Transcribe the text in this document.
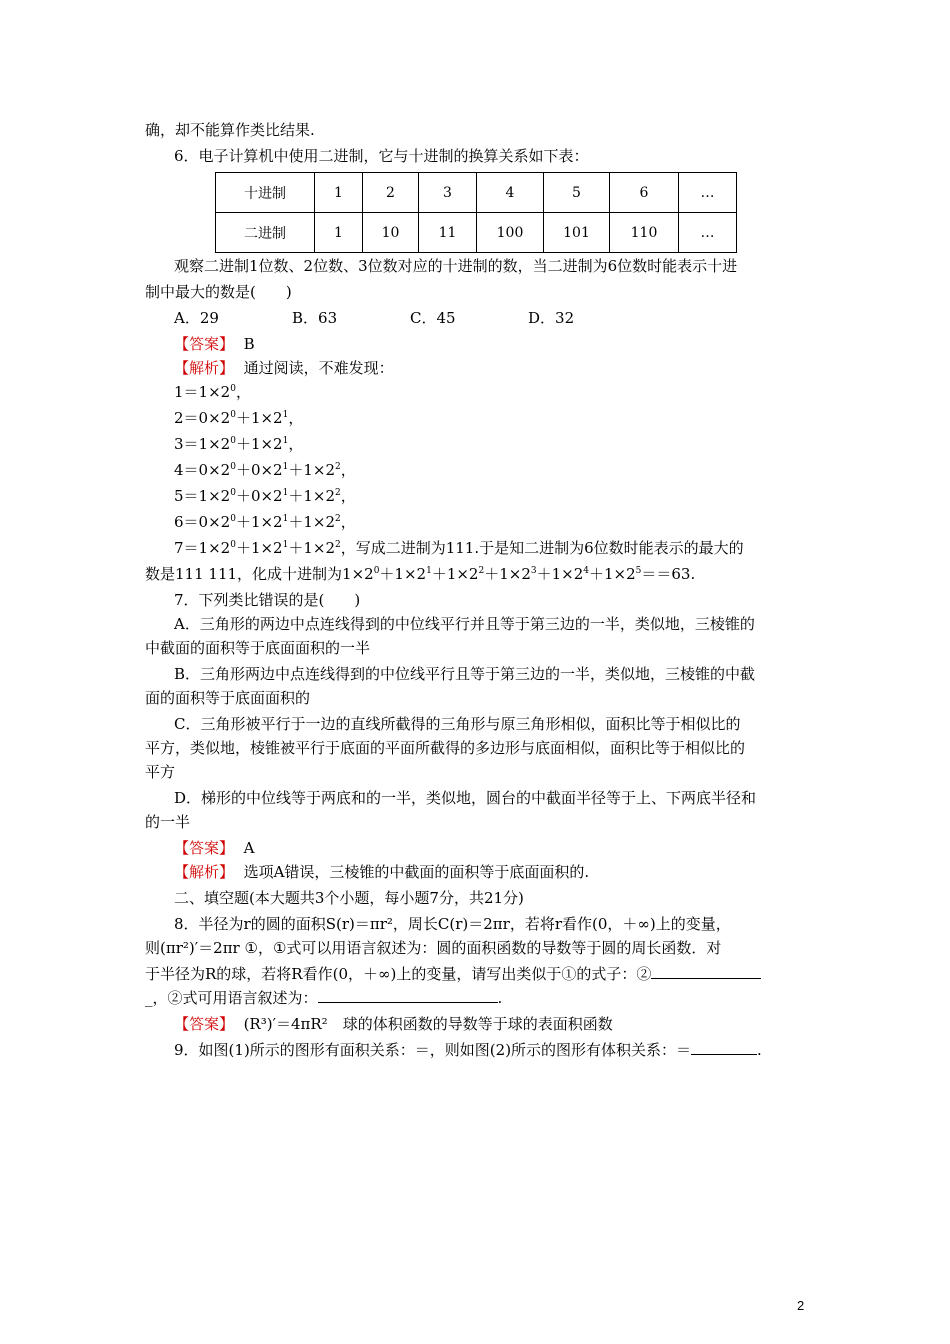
确，却不能算作类比结果.
6．电子计算机中使用二进制，它与十进制的换算关系如下表：
十进制	1	2	3	4	5	6	…
二进制	1	10	11	100	101	110	…
观察二进制1位数、2位数、3位数对应的十进制的数，当二进制为6位数时能表示十进
制中最大的数是(　　)
A．29	B．63	C．45	D．32
【答案】 B
【解析】 通过阅读，不难发现：
$1=1\times 2^0$，
$2=0\times 2^0+1\times 2^1$，
$3=1\times 2^0+1\times 2^1$，
$4=0\times 2^0+0\times 2^1+1\times 2^2$，
$5=1\times 2^0+0\times 2^1+1\times 2^2$，
$6=0\times 2^0+1\times 2^1+1\times 2^2$，
$7=1\times 2^0+1\times 2^1+1\times 2^2$，写成二进制为111.于是知二进制为6位数时能表示的最大的
数是111 111，化成十进制为$1\times 2^0+1\times 2^1+1\times 2^2+1\times 2^3+1\times 2^4+1\times 2^5==63$.
7．下列类比错误的是(　　)
A．三角形的两边中点连线得到的中位线平行并且等于第三边的一半，类似地，三棱锥的
中截面的面积等于底面面积的一半
B．三角形两边中点连线得到的中位线平行且等于第三边的一半，类似地，三棱锥的中截
面的面积等于底面面积的
C．三角形被平行于一边的直线所截得的三角形与原三角形相似，面积比等于相似比的
平方，类似地，棱锥被平行于底面的平面所截得的多边形与底面相似，面积比等于相似比的
平方
D．梯形的中位线等于两底和的一半，类似地，圆台的中截面半径等于上、下两底半径和
的一半
【答案】 A
【解析】 选项A错误，三棱锥的中截面的面积等于底面面积的.
二、填空题(本大题共3个小题，每小题7分，共21分)
8．半径为r的圆的面积S(r)＝πr²，周长C(r)＝2πr，若将r看作(0，＋∞)上的变量，
则(πr²)′＝2πr ①，①式可以用语言叙述为：圆的面积函数的导数等于圆的周长函数．对
于半径为R的球，若将R看作(0，＋∞)上的变量，请写出类似于①的式子：②
_，②式可用语言叙述为：	.
【答案】 (R³)′＝4πR²　球的体积函数的导数等于球的表面积函数
9．如图(1)所示的图形有面积关系：＝，则如图(2)所示的图形有体积关系：＝	.
2
